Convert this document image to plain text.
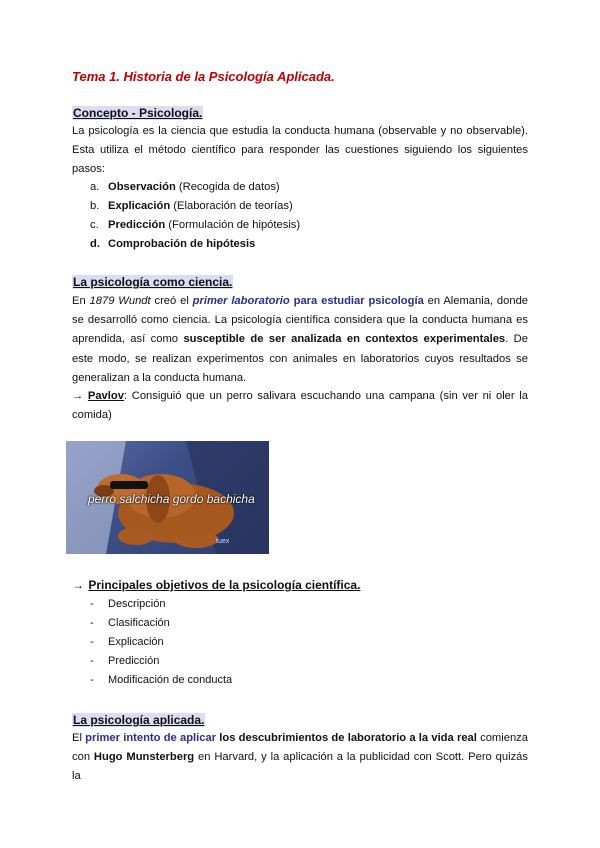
Tema 1. Historia de la Psicología Aplicada.
Concepto - Psicología.
La psicología es la ciencia que estudia la conducta humana (observable y no observable). Esta utiliza el método científico para responder las cuestiones siguiendo los siguientes pasos:
a. Observación (Recogida de datos)
b. Explicación (Elaboración de teorías)
c. Predicción (Formulación de hipótesis)
d. Comprobación de hipótesis
La psicología como ciencia.
En 1879 Wundt creó el primer laboratorio para estudiar psicología en Alemania, donde se desarrolló como ciencia. La psicología científica considera que la conducta humana es aprendida, así como susceptible de ser analizada en contextos experimentales. De este modo, se realizan experimentos con animales en laboratorios cuyos resultados se generalizan a la conducta humana.
→ Pavlov: Consiguió que un perro salivara escuchando una campana (sin ver ni oler la comida)
perro salchicha gordo bachicha
tuex
→ Principales objetivos de la psicología científica.
-	Descripción
-	Clasificación
-	Explicación
-	Predicción
-	Modificación de conducta
La psicología aplicada.
El primer intento de aplicar los descubrimientos de laboratorio a la vida real comienza con Hugo Munsterberg en Harvard, y la aplicación a la publicidad con Scott. Pero quizás la
